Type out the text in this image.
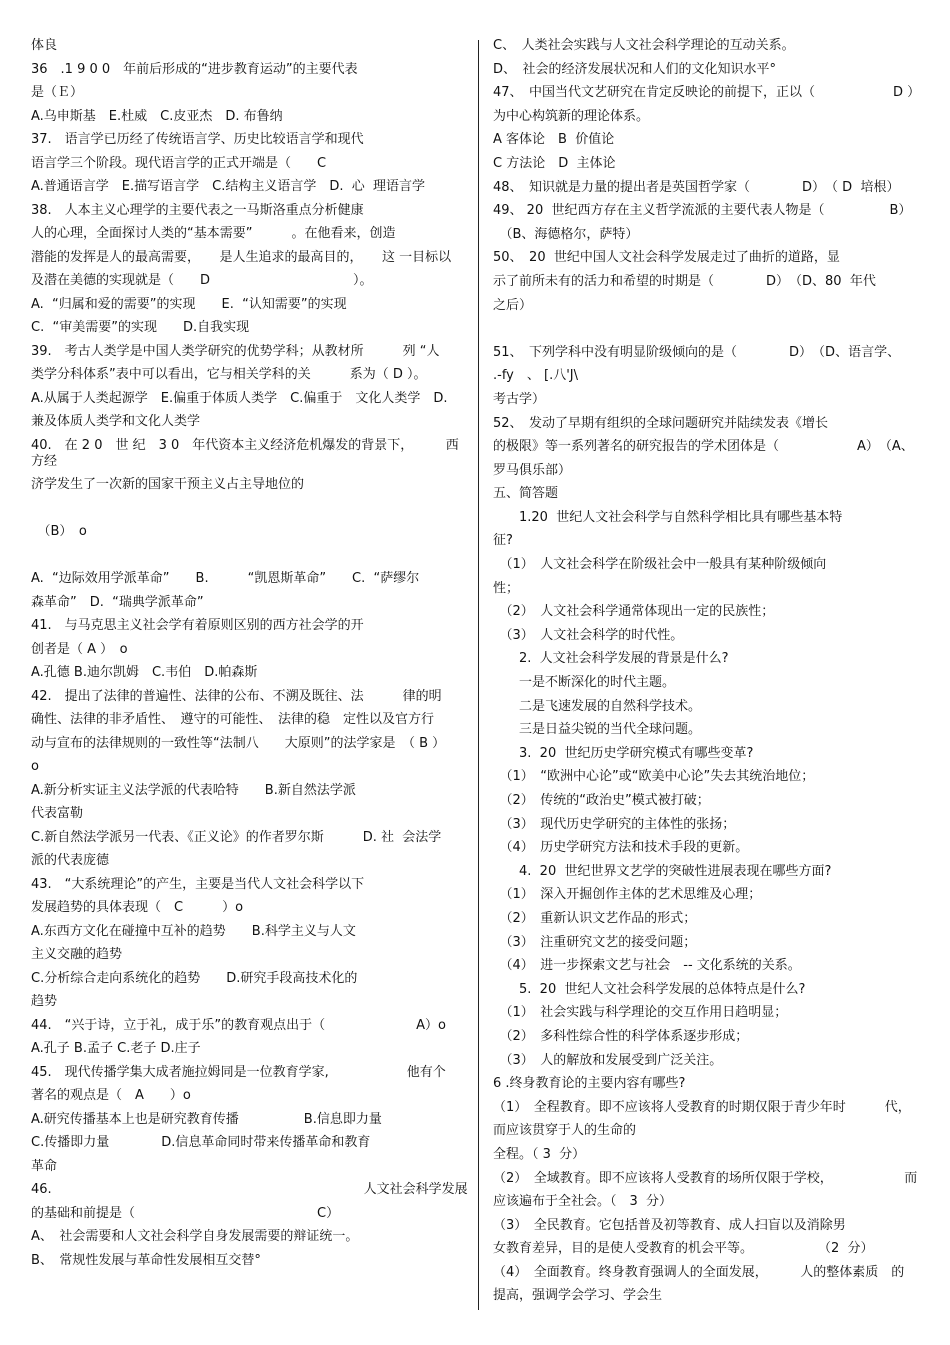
体良

36　.1 9 0 0　年前后形成的“进步教育运动”的主要代表

是（Ｅ）

A.乌申斯基　E.杜威　C.皮亚杰　D. 布鲁纳

37.　语言学已历经了传统语言学、历史比较语言学和现代

语言学三个阶段。现代语言学的正式开端是（　　C

A.普通语言学　E.描写语言学　C.结构主义语言学　D.  心  理语言学

38.　人本主义心理学的主要代表之一马斯洛重点分析健康

人的心理，全面探讨人类的“基本需要”　　　。在他看来，创造

潜能的发挥是人的最高需要，　　是人生追求的最高目的，　　这 一目标以

及潜在美德的实现就是（　　D　　　　　　　　　　　）。

A.  “归属和爱的需要”的实现　　E.  “认知需要”的实现

C.  “审美需要”的实现　　D.自我实现

39.　考古人类学是中国人类学研究的优势学科；从教材所　　　列 “人

类学分科体系”表中可以看出，它与相关学科的关　　　系为（ D ）。

A.从属于人类起源学　E.偏重于体质人类学　C.偏重于　文化人类学　D.

兼及体质人类学和文化人类学

40.　在 2 0　世 纪　3 0　年代资本主义经济危机爆发的背景下，　　　西方经

济学发生了一次新的国家干预主义占主导地位的

　（B）　o

A.  “边际效用学派革命”　　B.　　　“凯恩斯革命”　　C.  “萨缪尔

森革命”　D.  “瑞典学派革命”

41.　与马克思主义社会学有着原则区别的西方社会学的开

创者是（ A ）　o

A.孔德 B.迪尔凯姆　C.韦伯　D.帕森斯

42.　提出了法律的普遍性、法律的公布、不溯及既往、法　　　律的明

确性、法律的非矛盾性、　遵守的可能性、　法律的稳　定性以及官方行

动与宣布的法律规则的一致性等“法制八　　大原则”的法学家是　（ B ）

o

A.新分析实证主义法学派的代表哈特　　B.新自然法学派

代表富勒

C.新自然法学派另一代表、《正义论》的作者罗尔斯　　　D. 社  会法学

派的代表庞德

43.　“大系统理论”的产生，主要是当代人文社会科学以下

发展趋势的具体表现（　C　　　）o

A.东西方文化在碰撞中互补的趋势　　B.科学主义与人文

主义交融的趋势

C.分析综合走向系统化的趋势　　D.研究手段高技术化的

趋势

44.　“兴于诗，立于礼，成于乐”的教育观点出于（　　　　　　　A）o

A.孔子 B.孟子 C.老子 D.庄子

45.　现代传播学集大成者施拉姆同是一位教育学家,　　　　　　他有个

著名的观点是（　A　　）o

A.研究传播基本上也是研究教育传播　　　　　B.信息即力量

C.传播即力量　　　　D.信息革命同时带来传播革命和教育

革命

46.　　　　　　　　　　　　　　　　　　　　　　　　人文社会科学发展

的基础和前提是（　　　　　　　　　　　　　　C）

A、　社会需要和人文社会科学自身发展需要的辩证统一。

B、　常规性发展与革命性发展相互交替°

C、　人类社会实践与人文社会科学理论的互动关系。

D、　社会的经济发展状况和人们的文化知识水平°

47、　中国当代文艺研究在肯定反映论的前提下，正以（　　　　　　D ）

为中心构筑新的理论体系。

A 客体论　B  价值论

C 方法论　D  主体论

48、　知识就是力量的提出者是英国哲学家（　　　　D）　（ D  培根）

49、 20  世纪西方存在主义哲学流派的主要代表人物是（　　　　　B）

　（B、海德格尔，萨特）

50、　20  世纪中国人文社会科学发展走过了曲折的道路，显

示了前所未有的活力和希望的时期是（　　　　D）　（D、80  年代

之后）

51、　下列学科中没有明显阶级倾向的是（　　　　D）　（D、语言学、

.-fy　、 [.八'J\

考古学）

52、　发动了早期有组织的全球问题研究并陆续发表《增长

的极限》等一系列著名的研究报告的学术团体是（　　　　　　A）　（A、

罗马俱乐部）

五、简答题

　　1.20  世纪人文社会科学与自然科学相比具有哪些基本特

征?

　（1）　人文社会科学在阶级社会中一般具有某种阶级倾向

性；

　（2）　人文社会科学通常体现出一定的民族性；

　（3）　人文社会科学的时代性。

　　2.  人文社会科学发展的背景是什么?

　　一是不断深化的时代主题。

　　二是飞速发展的自然科学技术。

　　三是日益尖锐的当代全球问题。

　　3.  20  世纪历史学研究模式有哪些变革?

　（1）　“欧洲中心论”或“欧美中心论”失去其统治地位；

　（2）　传统的“政治史”模式被打破；

　（3）　现代历史学研究的主体性的张扬；

　（4）　历史学研究方法和技术手段的更新。

　　4.  20  世纪世界文艺学的突破性进展表现在哪些方面?

　（1）　深入开掘创作主体的艺术思维及心理；

　（2）　重新认识文艺作品的形式；

　（3）　注重研究文艺的接受问题；

　（4）　进一步探索文艺与社会　-- 文化系统的关系。

　　5.  20  世纪人文社会科学发展的总体特点是什么?

　（1）　社会实践与科学理论的交互作用日趋明显；

　（2）　多科性综合性的科学体系逐步形成；

　（3）　人的解放和发展受到广泛关注。

6 .终身教育论的主要内容有哪些?

（1）　全程教育。即不应该将人受教育的时期仅限于青少年时　　　代，

而应该贯穿于人的生命的

全程。（ 3  分）

（2）　全域教育。即不应该将人受教育的场所仅限于学校，　　　　　　而

应该遍布于全社会。（　3  分）

（3）　全民教育。它包括普及初等教育、成人扫盲以及消除男

女教育差异，目的是使人受教育的机会平等。　　　　　　（2  分）

（4）　全面教育。终身教育强调人的全面发展，　　　人的整体素质　的

提高，强调学会学习、学会生
